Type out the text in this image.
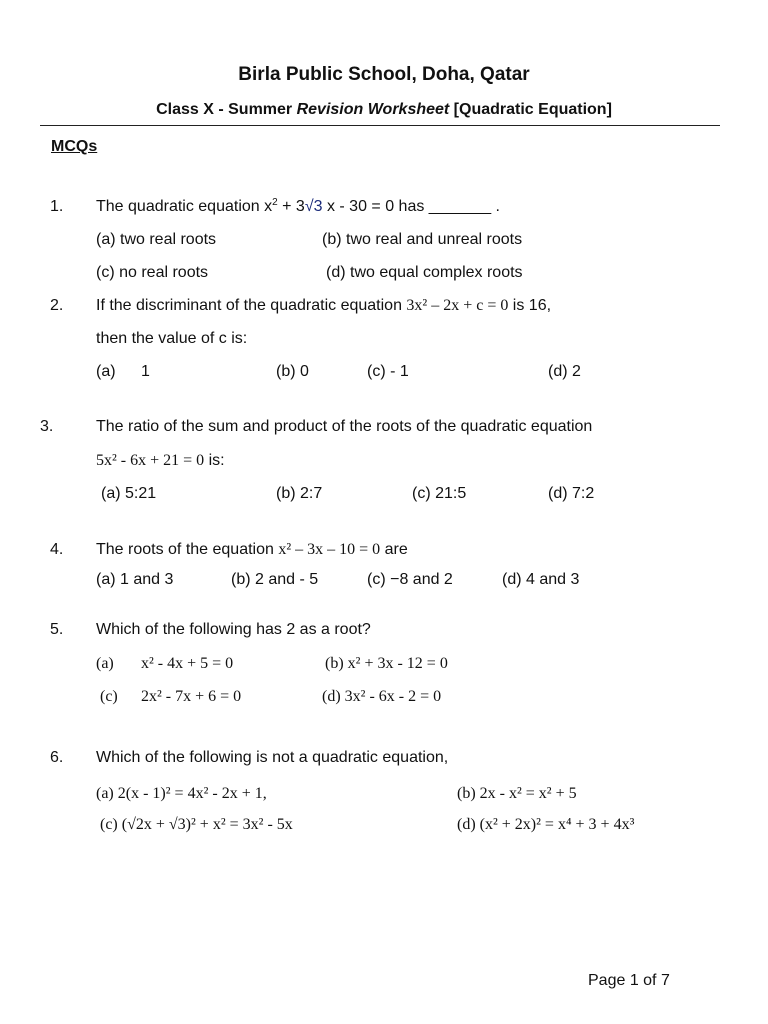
Birla Public School, Doha, Qatar
Class X - Summer Revision Worksheet [Quadratic Equation]
MCQs
1. The quadratic equation $x^2 + 3√3$ x - 30 = 0 has _______ .
(a) two real roots	(b) two real and unreal roots
(c) no real roots	(d) two equal complex roots
2. If the discriminant of the quadratic equation 3x² – 2x + c = 0 is 16,
then the value of c is:
(a) 1	(b) 0	(c) - 1	(d) 2
3.	The ratio of the sum and product of the roots of the quadratic equation
5x² - 6x + 21 = 0 is:
(a) 5:21	(b) 2:7	(c) 21:5	(d) 7:2
4. The roots of the equation x² – 3x – 10 = 0 are
(a) 1 and 3	(b) 2 and - 5	(c) −8 and 2	(d) 4 and 3
5. Which of the following has 2 as a root?
(a) x² - 4x + 5 = 0	(b) x² + 3x - 12 = 0
(c) 2x² - 7x + 6 = 0	(d) 3x² - 6x - 2 = 0
6. Which of the following is not a quadratic equation,
(a) 2(x - 1)² = 4x² - 2x + 1,	(b) 2x - x² = x² + 5
(c) (√2x + √3)² + x² = 3x² - 5x	(d) (x² + 2x)² = x⁴ + 3 + 4x³
Page 1 of 7
